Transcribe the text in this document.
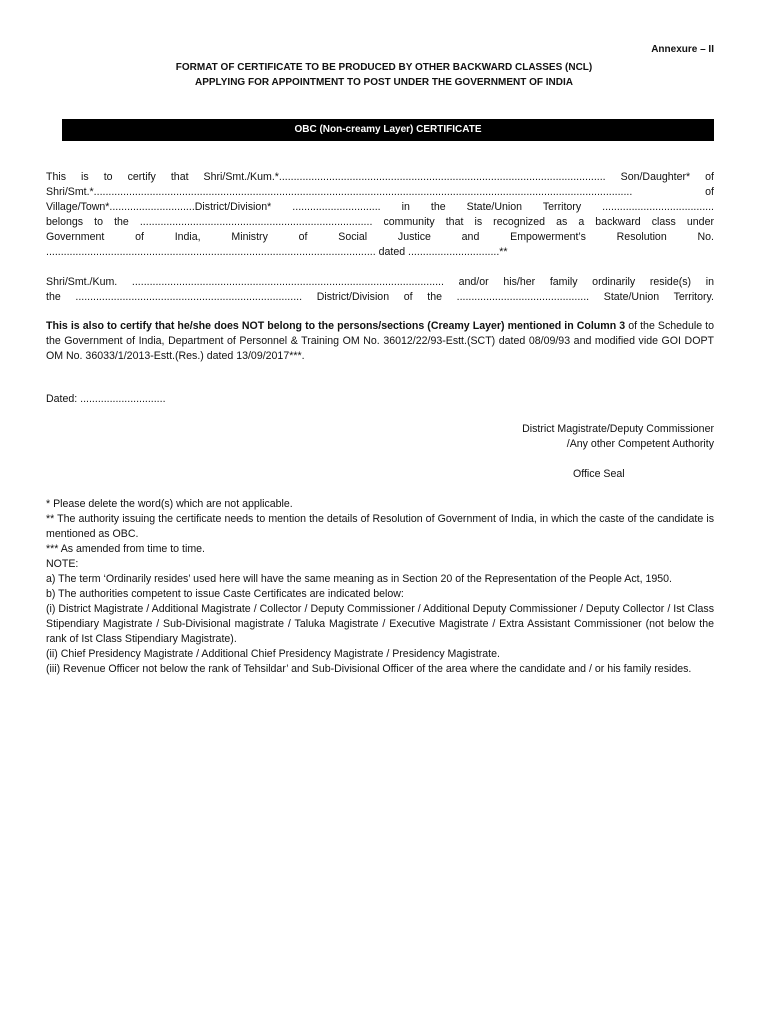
Annexure – II
FORMAT OF CERTIFICATE TO BE PRODUCED BY OTHER BACKWARD CLASSES (NCL)
APPLYING FOR APPOINTMENT TO POST UNDER THE GOVERNMENT OF INDIA
OBC (Non-creamy Layer) CERTIFICATE
This is to certify that Shri/Smt./Kum.*............................................................................................................... Son/Daughter* of
Shri/Smt.*....................................................................................................................................................................................... of
Village/Town*.............................District/Division* .............................. in the State/Union Territory ......................................
belongs to the ............................................................................... community that is recognized as a backward class under
Government of India, Ministry of Social Justice and Empowerment’s Resolution No.
................................................................................................................ dated ...............................**
Shri/Smt./Kum. .......................................................................................................... and/or his/her family ordinarily reside(s) in
the ............................................................................. District/Division of the ............................................. State/Union Territory.
This is also to certify that he/she does NOT belong to the persons/sections (Creamy Layer) mentioned in Column 3 of the Schedule to the Government of India, Department of Personnel & Training OM No. 36012/22/93-Estt.(SCT) dated 08/09/93 and modified vide GOI DOPT OM No. 36033/1/2013-Estt.(Res.) dated 13/09/2017***.
Dated: .............................
District Magistrate/Deputy Commissioner
/Any other Competent Authority
Office Seal
* Please delete the word(s) which are not applicable.
** The authority issuing the certificate needs to mention the details of Resolution of Government of India, in which the caste of the candidate is mentioned as OBC.
*** As amended from time to time.
NOTE:
a) The term ‘Ordinarily resides’ used here will have the same meaning as in Section 20 of the Representation of the People Act, 1950.
b) The authorities competent to issue Caste Certificates are indicated below:
(i) District Magistrate / Additional Magistrate / Collector / Deputy Commissioner / Additional Deputy Commissioner / Deputy Collector / Ist Class Stipendiary Magistrate / Sub-Divisional magistrate / Taluka Magistrate / Executive Magistrate / Extra Assistant Commissioner (not below the rank of Ist Class Stipendiary Magistrate).
(ii) Chief Presidency Magistrate / Additional Chief Presidency Magistrate / Presidency Magistrate.
(iii) Revenue Officer not below the rank of Tehsildar’ and Sub-Divisional Officer of the area where the candidate and / or his family resides.
